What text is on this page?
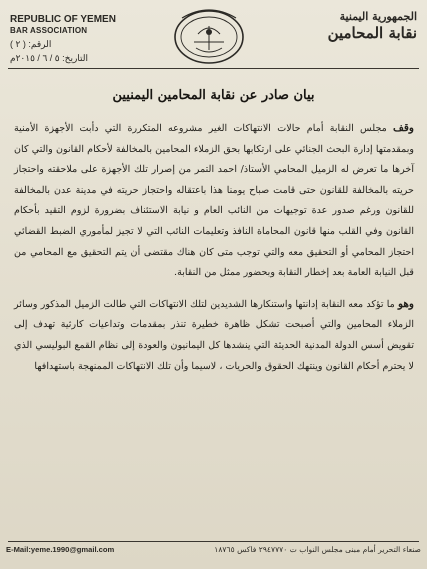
REPUBLIC OF YEMEN
BAR ASSOCIATION
الرقم: ( ٢ )
التاريخ: ٥ / ٦ / ٢٠١٥م
الجمهورية اليمنية
نقابة المحامين
بيان صادر عن نقابة المحامين اليمنيين

وقف مجلس النقابة أمام حالات الانتهاكات الغير مشروعه المتكررة التي دأبت الأجهزة الأمنية وبمقدمتها إدارة البحث الجنائي على ارتكابها بحق الزملاء المحامين بالمخالفة لأحكام القانون والتي كان آخرها ما تعرض له الزميل المحامي الأستاذ/ احمد التمر من إصرار تلك الأجهزة على ملاحقته واحتجاز حريته بالمخالفة للقانون حتى قامت صباح يومنا هذا باعتقاله واحتجاز حريته في مدينة عدن بالمخالفة للقانون ورغم صدور عدة توجيهات من النائب العام و نيابة الاستئناف بضرورة لزوم التقيد بأحكام القانون وفي القلب منها قانون المحاماة النافذ وتعليمات النائب التي لا تجيز لمأموري الضبط القضائي احتجاز المحامي أو التحقيق معه والتي توجب متى كان هناك مقتضى أن يتم التحقيق مع المحامي من قبل النيابة العامة بعد إخطار النقابة وبحضور ممثل من النقابة.

وهو ما تؤكد معه النقابة إدانتها واستنكارها الشديدين لتلك الانتهاكات التي طالت الزميل المذكور وسائر الزملاء المحامين والتي أصبحت تشكل ظاهرة خطيرة تنذر بمقدمات وتداعيات كارثية تهدف إلى تقويض أسس الدولة المدنية الحديثة التي ينشدها كل اليمانيون والعودة إلى نظام القمع البوليسي الذي لا يحترم أحكام القانون وينتهك الحقوق والحريات ، لاسيما وأن تلك الانتهاكات الممنهجة باستهدافها

E-Mail:yeme.1990@gmail.com	صنعاء التحرير أمام مبنى مجلس النواب ت ٢٩٤٧٧٧٠ فاكس ١٨٧٦٥
